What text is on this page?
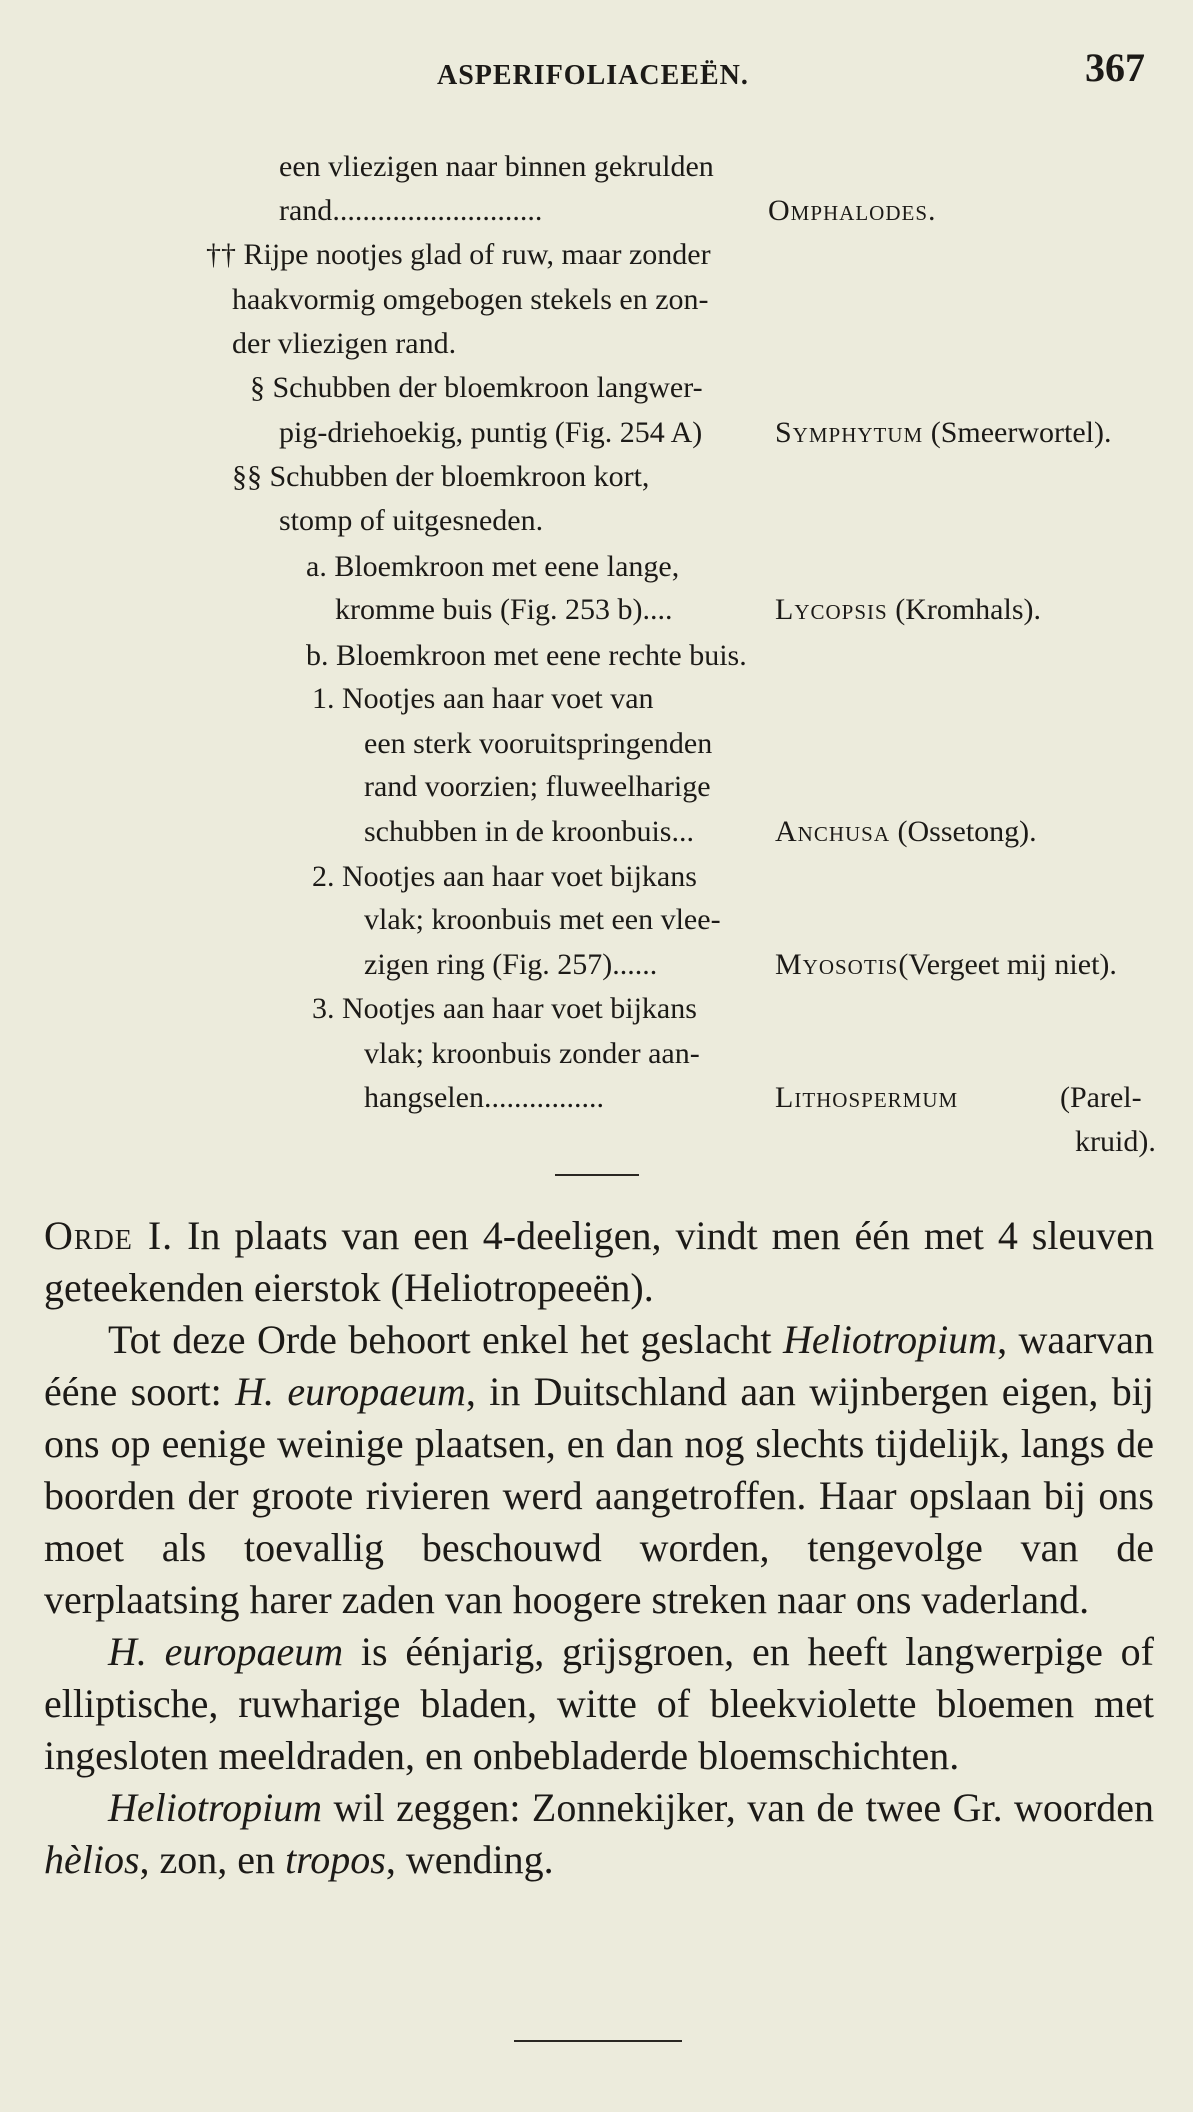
ASPERIFOLIACEEËN.	367
een vliezigen naar binnen gekrulden
rand............................	Omphalodes.
†† Rijpe nootjes glad of ruw, maar zonder
haakvormig omgebogen stekels en zon-
der vliezigen rand.
§ Schubben der bloemkroon langwer-
pig-driehoekig, puntig (Fig. 254 A) Symphytum (Smeerwortel).
§§ Schubben der bloemkroon kort,
stomp of uitgesneden.
a. Bloemkroon met eene lange,
kromme buis (Fig. 253 b)....	Lycopsis (Kromhals).
b. Bloemkroon met eene rechte buis.
1. Nootjes aan haar voet van
een sterk vooruitspringenden
rand voorzien; fluweelharige
schubben in de kroonbuis...	Anchusa (Ossetong).
2. Nootjes aan haar voet bijkans
vlak; kroonbuis met een vlee-
zigen ring (Fig. 257)......	Myosotis(Vergeet mij niet).
3. Nootjes aan haar voet bijkans
vlak; kroonbuis zonder aan-
hangselen................	Lithospermum	(Parel-
kruid).

Orde I. In plaats van een 4-deeligen, vindt men één met 4 sleuven geteekenden eierstok (Heliotropeeën).

Tot deze Orde behoort enkel het geslacht Heliotropium, waarvan ééne soort: H. europaeum, in Duitschland aan wijnbergen eigen, bij ons op eenige weinige plaatsen, en dan nog slechts tijdelijk, langs de boorden der groote rivieren werd aangetroffen. Haar opslaan bij ons moet als toevallig beschouwd worden, tengevolge van de verplaatsing harer zaden van hoogere streken naar ons vaderland.

H. europaeum is éénjarig, grijsgroen, en heeft langwerpige of elliptische, ruwharige bladen, witte of bleekviolette bloemen met ingesloten meeldraden, en onbebladerde bloemschichten.

Heliotropium wil zeggen: Zonnekijker, van de twee Gr. woorden hèlios, zon, en tropos, wending.
